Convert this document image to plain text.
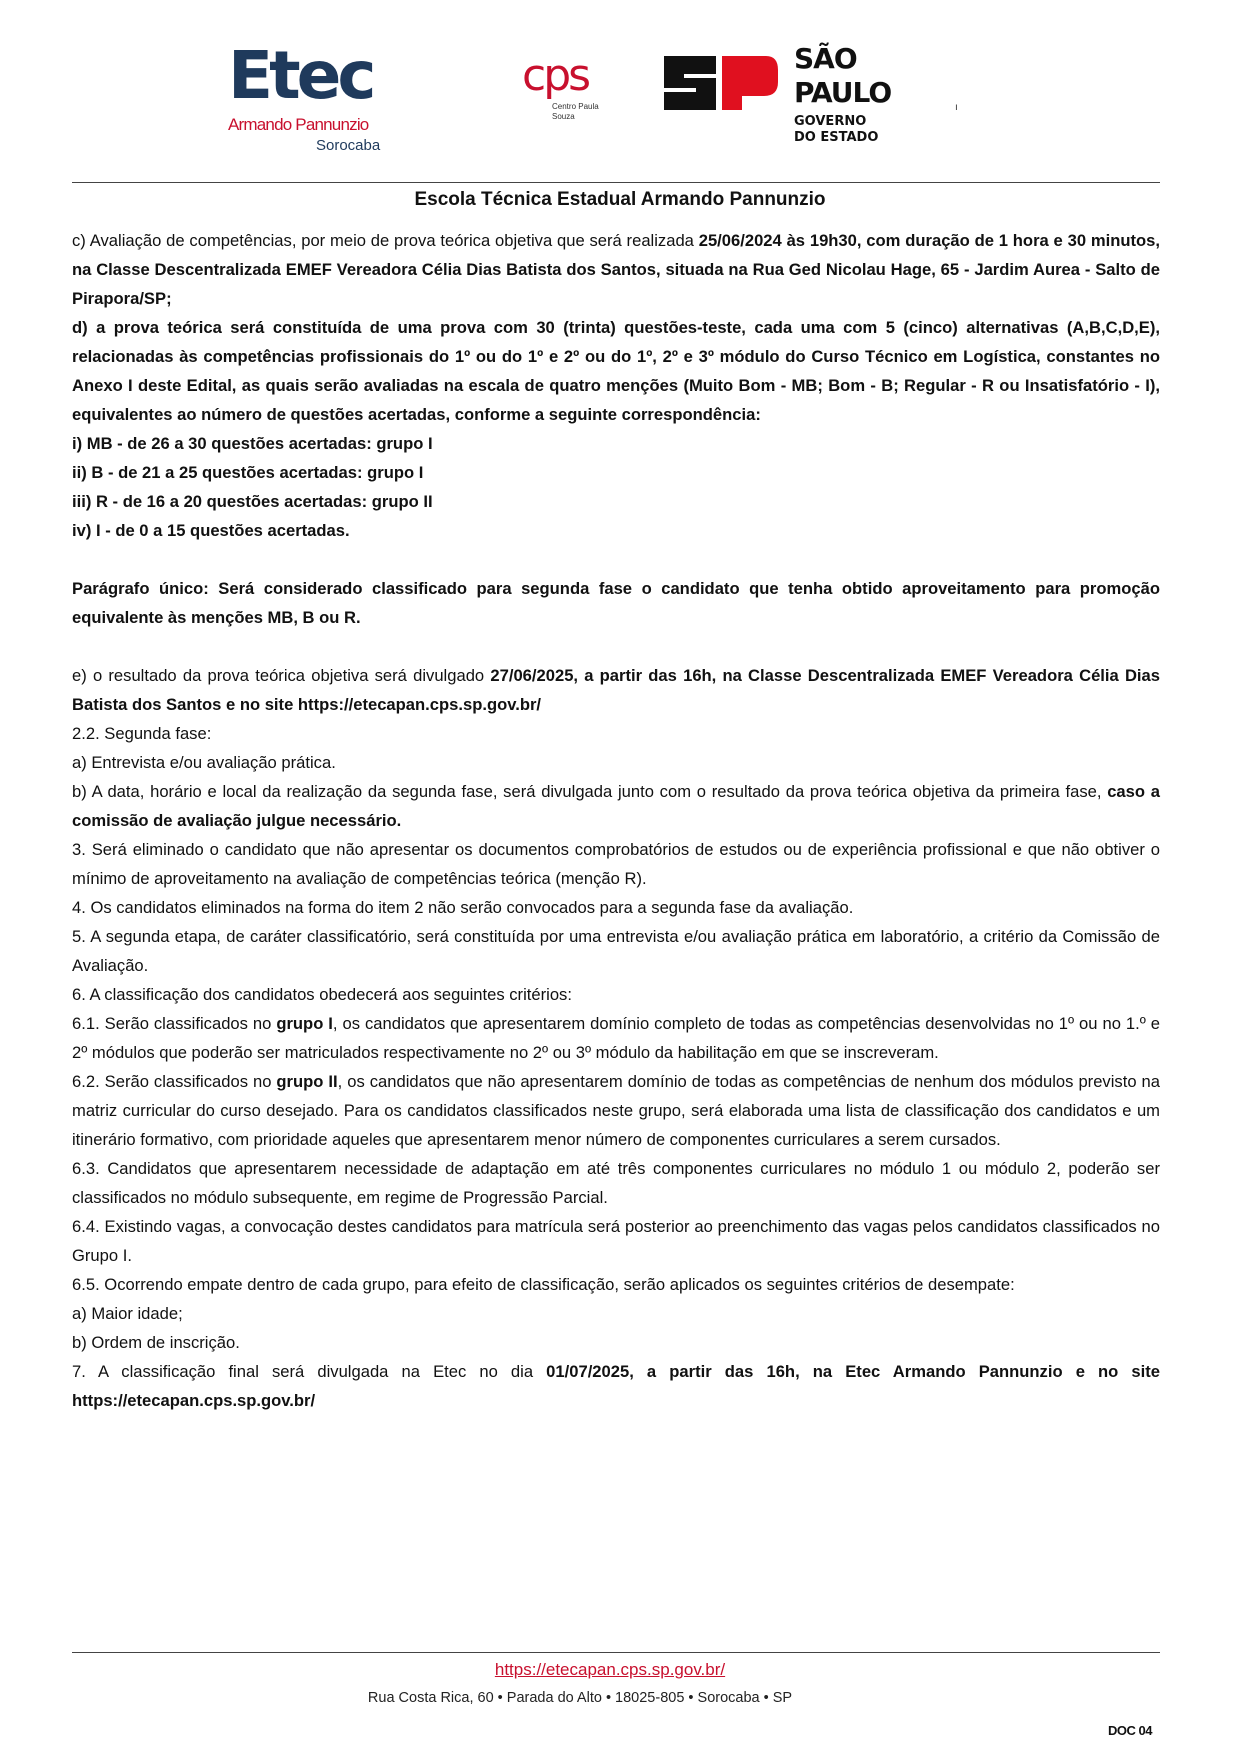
Etec
Armando Pannunzio
Sorocaba
cps
Centro Paula Souza
SÃO
PAULO
GOVERNO
DO ESTADO
ı
Escola Técnica Estadual Armando Pannunzio

c) Avaliação de competências, por meio de prova teórica objetiva que será realizada 25/06/2024 às 19h30, com duração de 1 hora e 30 minutos, na Classe Descentralizada EMEF Vereadora Célia Dias Batista dos Santos, situada na Rua Ged Nicolau Hage, 65 - Jardim Aurea - Salto de Pirapora/SP;

d) a prova teórica será constituída de uma prova com 30 (trinta) questões-teste, cada uma com 5 (cinco) alternativas (A,B,C,D,E), relacionadas às competências profissionais do 1º ou do 1º e 2º ou do 1º, 2º e 3º módulo do Curso Técnico em Logística, constantes no Anexo I deste Edital, as quais serão avaliadas na escala de quatro menções (Muito Bom - MB; Bom - B; Regular - R ou Insatisfatório - I), equivalentes ao número de questões acertadas, conforme a seguinte correspondência:

i) MB - de 26 a 30 questões acertadas: grupo I

ii) B - de 21 a 25 questões acertadas: grupo I

iii) R - de 16 a 20 questões acertadas: grupo II

iv) I - de 0 a 15 questões acertadas.

Parágrafo único: Será considerado classificado para segunda fase o candidato que tenha obtido aproveitamento para promoção equivalente às menções MB, B ou R.

e) o resultado da prova teórica objetiva será divulgado 27/06/2025, a partir das 16h, na Classe Descentralizada EMEF Vereadora Célia Dias Batista dos Santos e no site https://etecapan.cps.sp.gov.br/

2.2. Segunda fase:

a) Entrevista e/ou avaliação prática.

b) A data, horário e local da realização da segunda fase, será divulgada junto com o resultado da prova teórica objetiva da primeira fase, caso a comissão de avaliação julgue necessário.

3. Será eliminado o candidato que não apresentar os documentos comprobatórios de estudos ou de experiência profissional e que não obtiver o mínimo de aproveitamento na avaliação de competências teórica (menção R).

4. Os candidatos eliminados na forma do item 2 não serão convocados para a segunda fase da avaliação.

5. A segunda etapa, de caráter classificatório, será constituída por uma entrevista e/ou avaliação prática em laboratório, a critério da Comissão de Avaliação.

6. A classificação dos candidatos obedecerá aos seguintes critérios:

6.1. Serão classificados no grupo I, os candidatos que apresentarem domínio completo de todas as competências desenvolvidas no 1º ou no 1.º e 2º módulos que poderão ser matriculados respectivamente no 2º ou 3º módulo da habilitação em que se inscreveram.

6.2. Serão classificados no grupo II, os candidatos que não apresentarem domínio de todas as competências de nenhum dos módulos previsto na matriz curricular do curso desejado. Para os candidatos classificados neste grupo, será elaborada uma lista de classificação dos candidatos e um itinerário formativo, com prioridade aqueles que apresentarem menor número de componentes curriculares a serem cursados.

6.3. Candidatos que apresentarem necessidade de adaptação em até três componentes curriculares no módulo 1 ou módulo 2, poderão ser classificados no módulo subsequente, em regime de Progressão Parcial.

6.4. Existindo vagas, a convocação destes candidatos para matrícula será posterior ao preenchimento das vagas pelos candidatos classificados no Grupo I.

6.5. Ocorrendo empate dentro de cada grupo, para efeito de classificação, serão aplicados os seguintes critérios de desempate:

a) Maior idade;

b) Ordem de inscrição.

7. A classificação final será divulgada na Etec no dia 01/07/2025, a partir das 16h, na Etec Armando Pannunzio e no site https://etecapan.cps.sp.gov.br/

https://etecapan.cps.sp.gov.br/
Rua Costa Rica, 60 • Parada do Alto • 18025-805 • Sorocaba • SP
DOC 04
